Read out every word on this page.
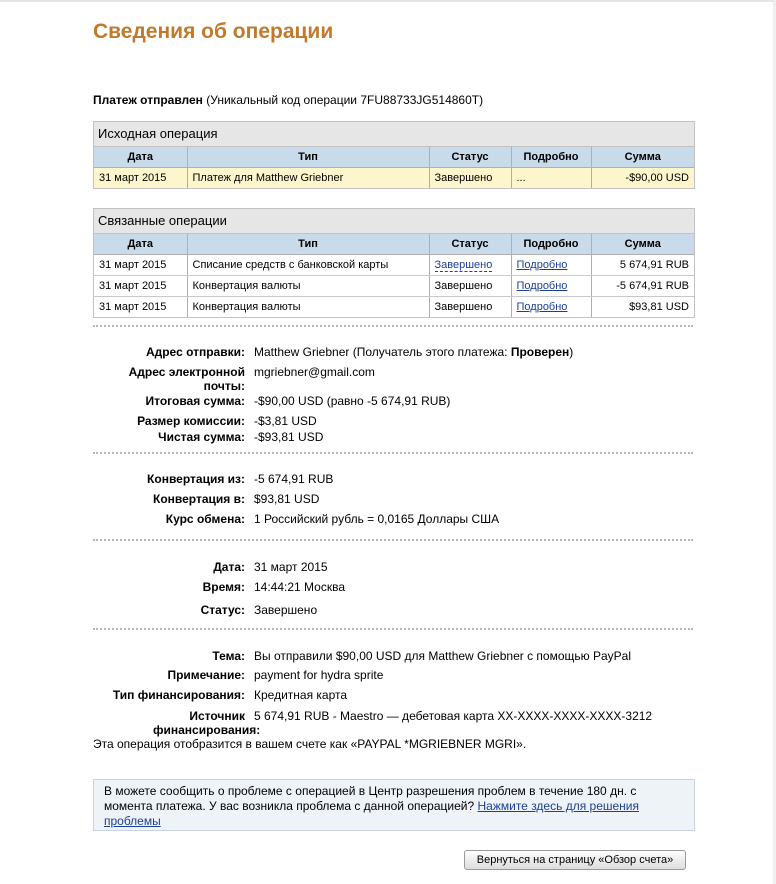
Сведения об операции
Платеж отправлен (Уникальный код операции 7FU88733JG514860T)
Исходная операция
Дата	Тип	Статус	Подробно	Сумма
31 март 2015	Платеж для Matthew Griebner	Завершено	...	-$90,00 USD
Связанные операции
Дата	Тип	Статус	Подробно	Сумма
31 март 2015	Списание средств с банковской карты	Завершено	Подробно	5 674,91 RUB
31 март 2015	Конвертация валюты	Завершено	Подробно	-5 674,91 RUB
31 март 2015	Конвертация валюты	Завершено	Подробно	$93,81 USD
Адрес отправки: Matthew Griebner (Получатель этого платежа: Проверен)
Адрес электронной почты:
mgriebner@gmail.com
Итоговая сумма: -$90,00 USD (равно -5 674,91 RUB)
Размер комиссии: -$3,81 USD
Чистая сумма: -$93,81 USD
Конвертация из: -5 674,91 RUB
Конвертация в: $93,81 USD
Курс обмена: 1 Российский рубль = 0,0165 Доллары США
Дата: 31 март 2015
Время: 14:44:21 Москва
Статус: Завершено
Тема: Вы отправили $90,00 USD для Matthew Griebner с помощью PayPal
Примечание: payment for hydra sprite
Тип финансирования: Кредитная карта
Источник финансирования:
5 674,91 RUB - Maestro — дебетовая карта XX-XXXX-XXXX-XXXX-3212
Эта операция отобразится в вашем счете как «PAYPAL *MGRIEBNER MGRI».
В можете сообщить о проблеме с операцией в Центр разрешения проблем в течение 180 дн. с момента платежа. У вас возникла проблема с данной операцией? Нажмите здесь для решения проблемы
Вернуться на страницу «Обзор счета»
